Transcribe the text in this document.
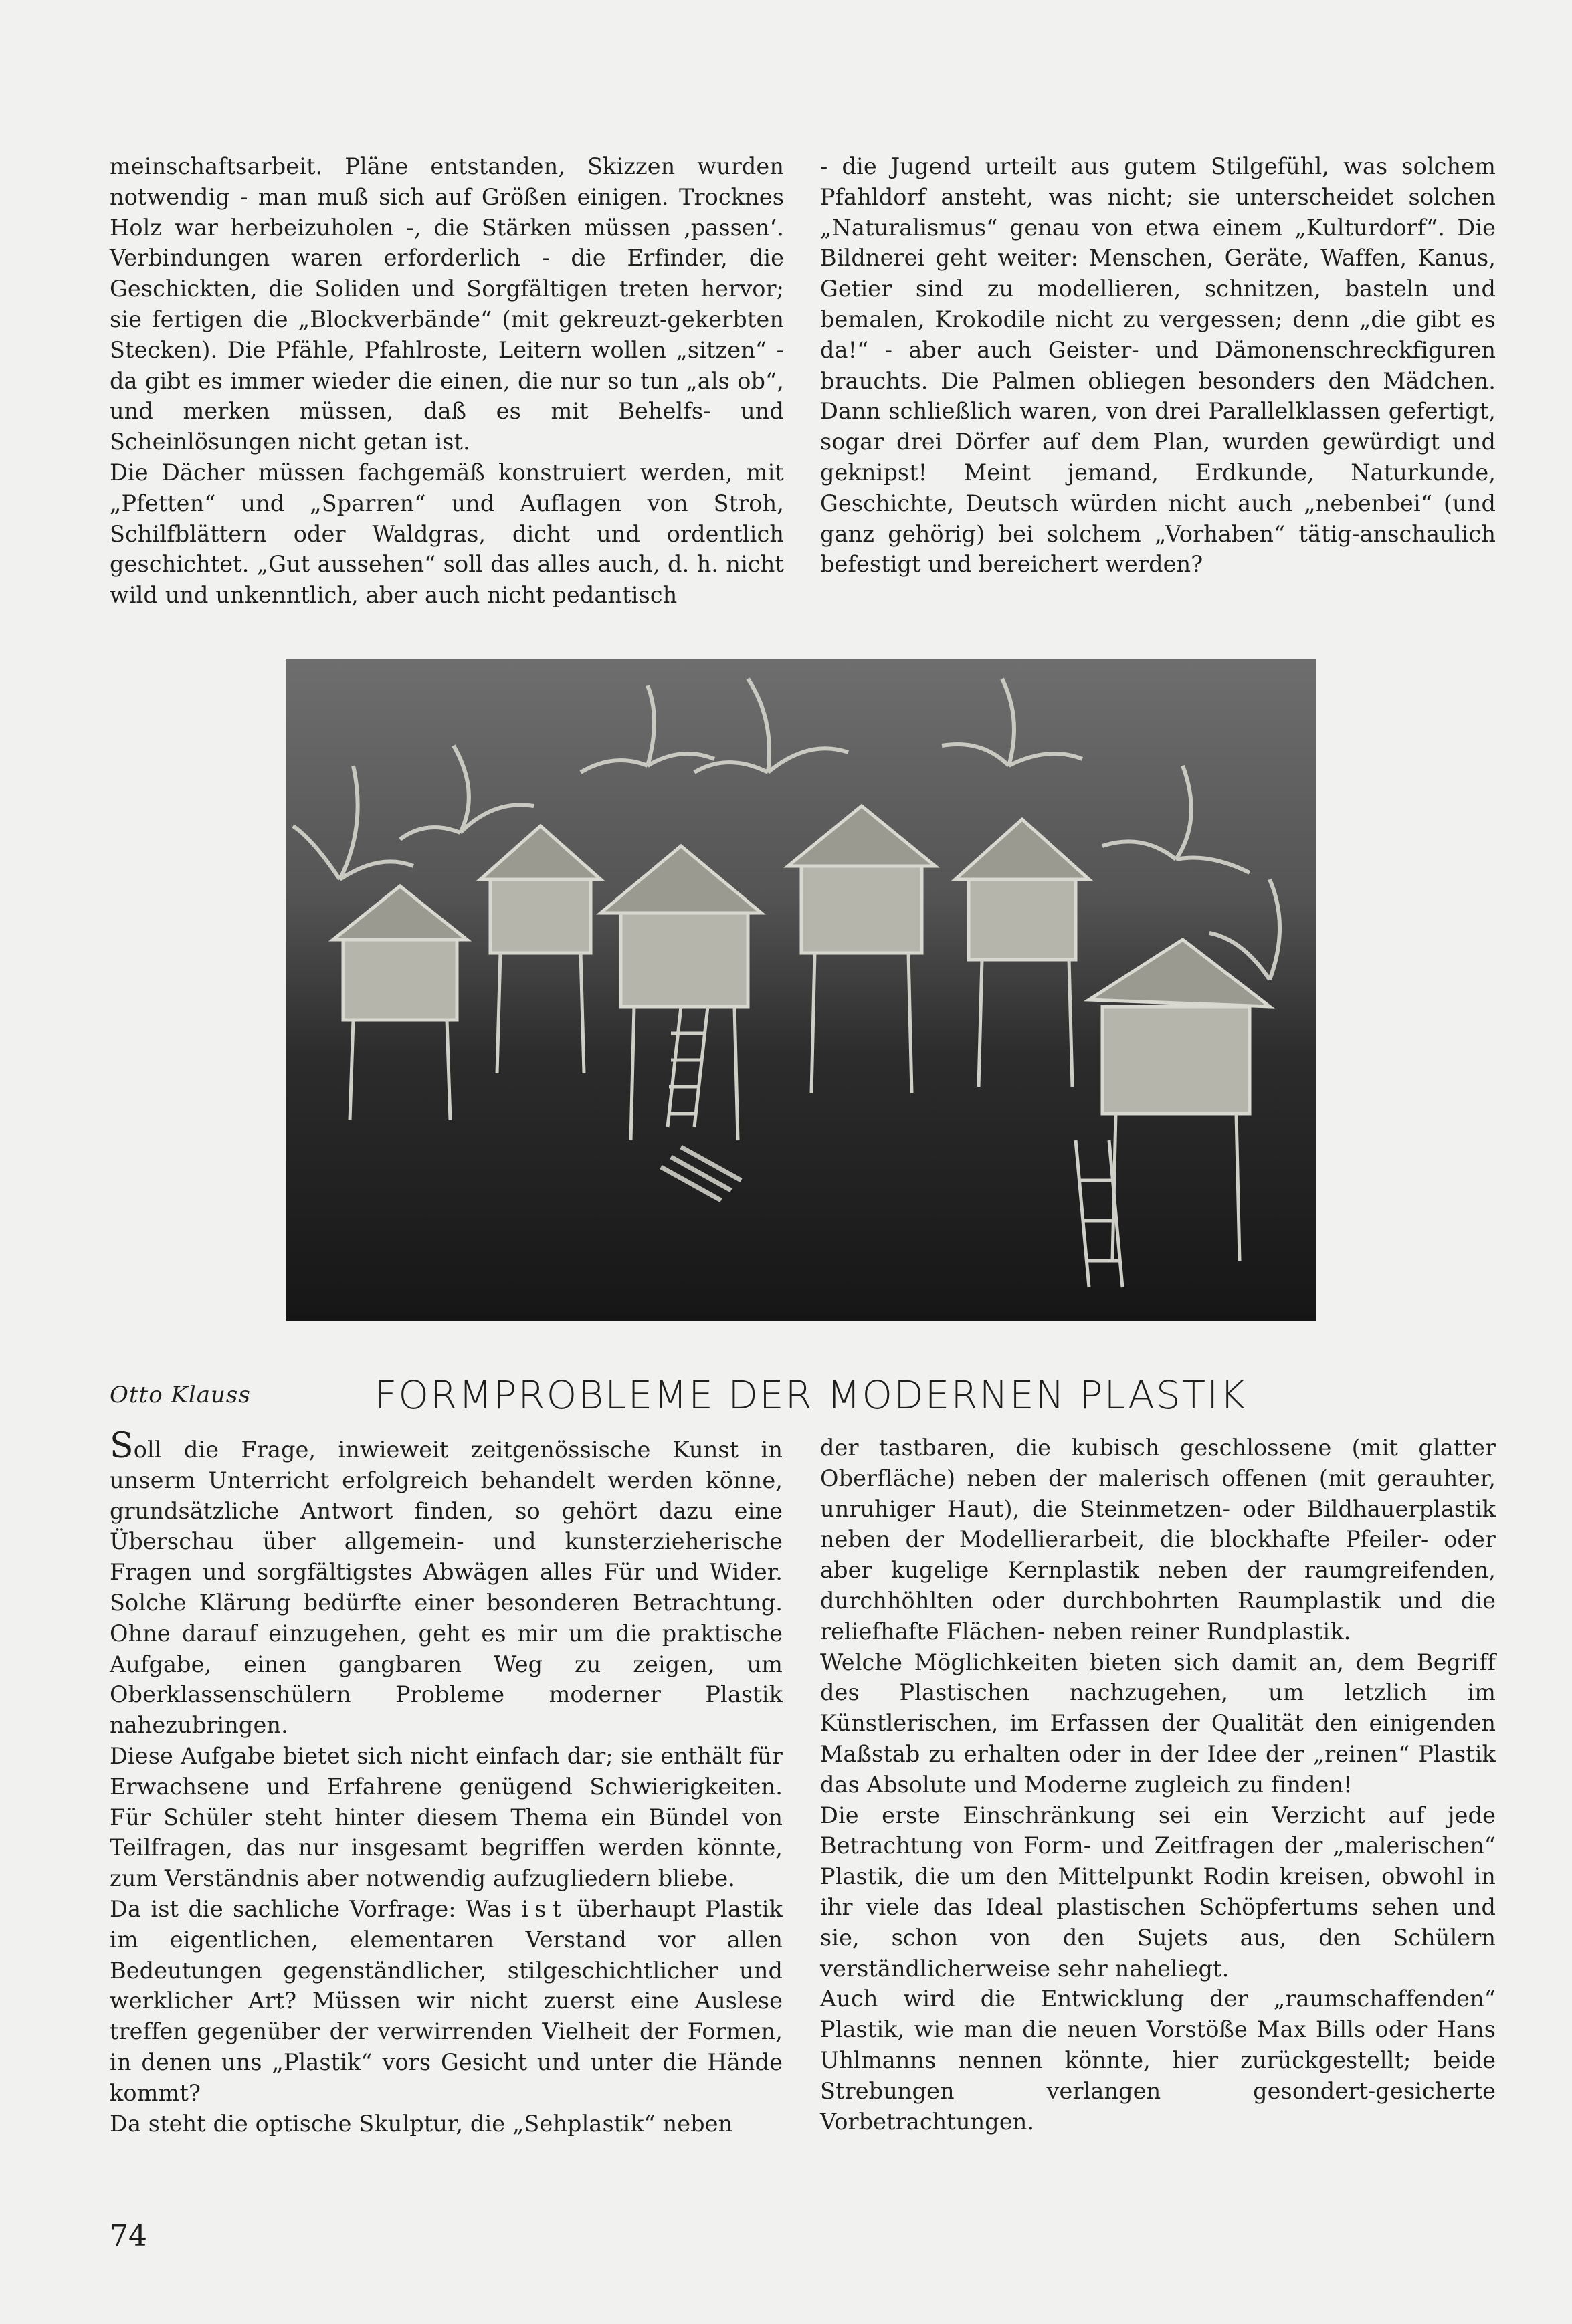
meinschaftsarbeit. Pläne entstanden, Skizzen wurden notwendig - man muß sich auf Größen einigen. Trocknes Holz war herbeizuholen -, die Stärken müssen ‚passen‘. Verbindungen waren erforderlich - die Erfinder, die Geschickten, die Soliden und Sorgfältigen treten hervor; sie fertigen die „Blockverbände“ (mit gekreuzt-gekerbten Stecken). Die Pfähle, Pfahlroste, Leitern wollen „sitzen“ - da gibt es immer wieder die einen, die nur so tun „als ob“, und merken müssen, daß es mit Behelfs- und Scheinlösungen nicht getan ist.

Die Dächer müssen fachgemäß konstruiert werden, mit „Pfetten“ und „Sparren“ und Auflagen von Stroh, Schilfblättern oder Waldgras, dicht und ordentlich geschichtet. „Gut aussehen“ soll das alles auch, d. h. nicht wild und unkenntlich, aber auch nicht pedantisch

- die Jugend urteilt aus gutem Stilgefühl, was solchem Pfahldorf ansteht, was nicht; sie unterscheidet solchen „Naturalismus“ genau von etwa einem „Kulturdorf“. Die Bildnerei geht weiter: Menschen, Geräte, Waffen, Kanus, Getier sind zu modellieren, schnitzen, basteln und bemalen, Krokodile nicht zu vergessen; denn „die gibt es da!“ - aber auch Geister- und Dämonenschreckfiguren brauchts. Die Palmen obliegen besonders den Mädchen. Dann schließlich waren, von drei Parallelklassen gefertigt, sogar drei Dörfer auf dem Plan, wurden gewürdigt und geknipst! Meint jemand, Erdkunde, Naturkunde, Geschichte, Deutsch würden nicht auch „nebenbei“ (und ganz gehörig) bei solchem „Vorhaben“ tätig-anschaulich befestigt und bereichert werden?

Otto Klauss	FORMPROBLEME DER MODERNEN PLASTIK

Soll die Frage, inwieweit zeitgenössische Kunst in unserm Unterricht erfolgreich behandelt werden könne, grundsätzliche Antwort finden, so gehört dazu eine Überschau über allgemein- und kunsterzieherische Fragen und sorgfältigstes Abwägen alles Für und Wider. Solche Klärung bedürfte einer besonderen Betrachtung. Ohne darauf einzugehen, geht es mir um die praktische Aufgabe, einen gangbaren Weg zu zeigen, um Oberklassenschülern Probleme moderner Plastik nahezubringen.

Diese Aufgabe bietet sich nicht einfach dar; sie enthält für Erwachsene und Erfahrene genügend Schwierigkeiten. Für Schüler steht hinter diesem Thema ein Bündel von Teilfragen, das nur insgesamt begriffen werden könnte, zum Verständnis aber notwendig aufzugliedern bliebe.

Da ist die sachliche Vorfrage: Was ist überhaupt Plastik im eigentlichen, elementaren Verstand vor allen Bedeutungen gegenständlicher, stilgeschichtlicher und werklicher Art? Müssen wir nicht zuerst eine Auslese treffen gegenüber der verwirrenden Vielheit der Formen, in denen uns „Plastik“ vors Gesicht und unter die Hände kommt?

Da steht die optische Skulptur, die „Sehplastik“ neben

der tastbaren, die kubisch geschlossene (mit glatter Oberfläche) neben der malerisch offenen (mit gerauhter, unruhiger Haut), die Steinmetzen- oder Bildhauerplastik neben der Modellierarbeit, die blockhafte Pfeiler- oder aber kugelige Kernplastik neben der raumgreifenden, durchhöhlten oder durchbohrten Raumplastik und die reliefhafte Flächen- neben reiner Rundplastik.

Welche Möglichkeiten bieten sich damit an, dem Begriff des Plastischen nachzugehen, um letzlich im Künstlerischen, im Erfassen der Qualität den einigenden Maßstab zu erhalten oder in der Idee der „reinen“ Plastik das Absolute und Moderne zugleich zu finden!

Die erste Einschränkung sei ein Verzicht auf jede Betrachtung von Form- und Zeitfragen der „malerischen“ Plastik, die um den Mittelpunkt Rodin kreisen, obwohl in ihr viele das Ideal plastischen Schöpfertums sehen und sie, schon von den Sujets aus, den Schülern verständlicherweise sehr naheliegt.

Auch wird die Entwicklung der „raumschaffenden“ Plastik, wie man die neuen Vorstöße Max Bills oder Hans Uhlmanns nennen könnte, hier zurückgestellt; beide Strebungen verlangen gesondert-gesicherte Vorbetrachtungen.

74
